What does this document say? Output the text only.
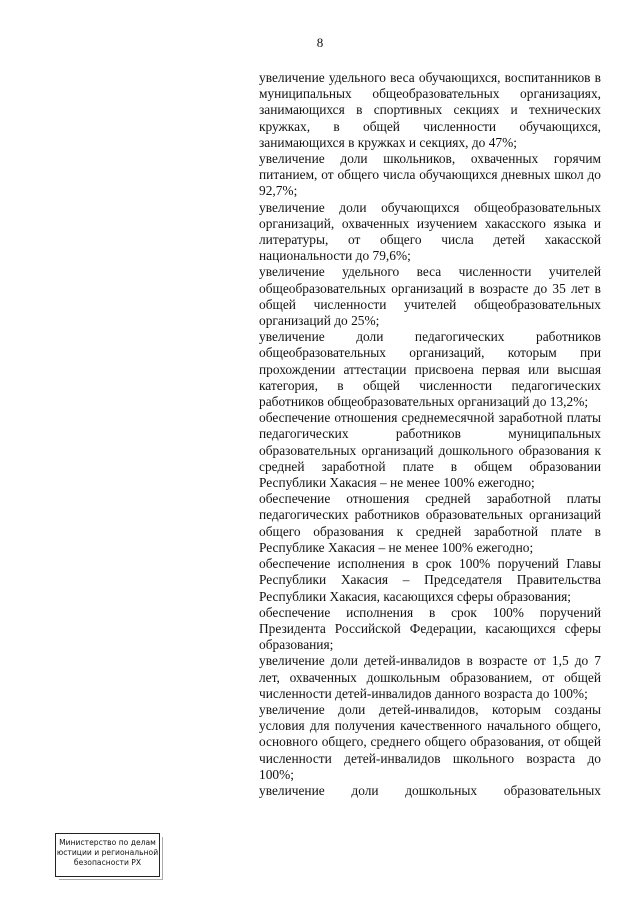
8

увеличение удельного веса обучающихся, воспитанников в муниципальных общеобразовательных организациях, занимающихся в спортивных секциях и технических кружках, в общей численности обучающихся, занимающихся в кружках и секциях, до 47%;

увеличение доли школьников, охваченных горячим питанием, от общего числа обучающихся дневных школ до 92,7%;

увеличение доли обучающихся общеобразовательных организаций, охваченных изучением хакасского языка и литературы, от общего числа детей хакасской национальности до 79,6%;

увеличение удельного веса численности учителей общеобразовательных организаций в возрасте до 35 лет в общей численности учителей общеобразовательных организаций до 25%;

увеличение доли педагогических работников общеобразовательных организаций, которым при прохождении аттестации присвоена первая или высшая категория, в общей численности педагогических работников общеобразовательных организаций до 13,2%;

обеспечение отношения среднемесячной заработной платы педагогических работников муниципальных образовательных организаций дошкольного образования к средней заработной плате в общем образовании Республики Хакасия – не менее 100% ежегодно;

обеспечение отношения средней заработной платы педагогических работников образовательных организаций общего образования к средней заработной плате в Республике Хакасия – не менее 100% ежегодно;

обеспечение исполнения в срок 100% поручений Главы Республики Хакасия – Председателя Правительства Республики Хакасия, касающихся сферы образования;

обеспечение исполнения в срок 100% поручений Президента Российской Федерации, касающихся сферы образования;

увеличение доли детей-инвалидов в возрасте от 1,5 до 7 лет, охваченных дошкольным образованием, от общей численности детей-инвалидов данного возраста до 100%;

увеличение доли детей-инвалидов, которым созданы условия для получения качественного начального общего, основного общего, среднего общего образования, от общей численности детей-инвалидов школьного возраста до 100%;

увеличение доли дошкольных образовательных

Министерство по делам
юстиции и региональной
безопасности РХ
